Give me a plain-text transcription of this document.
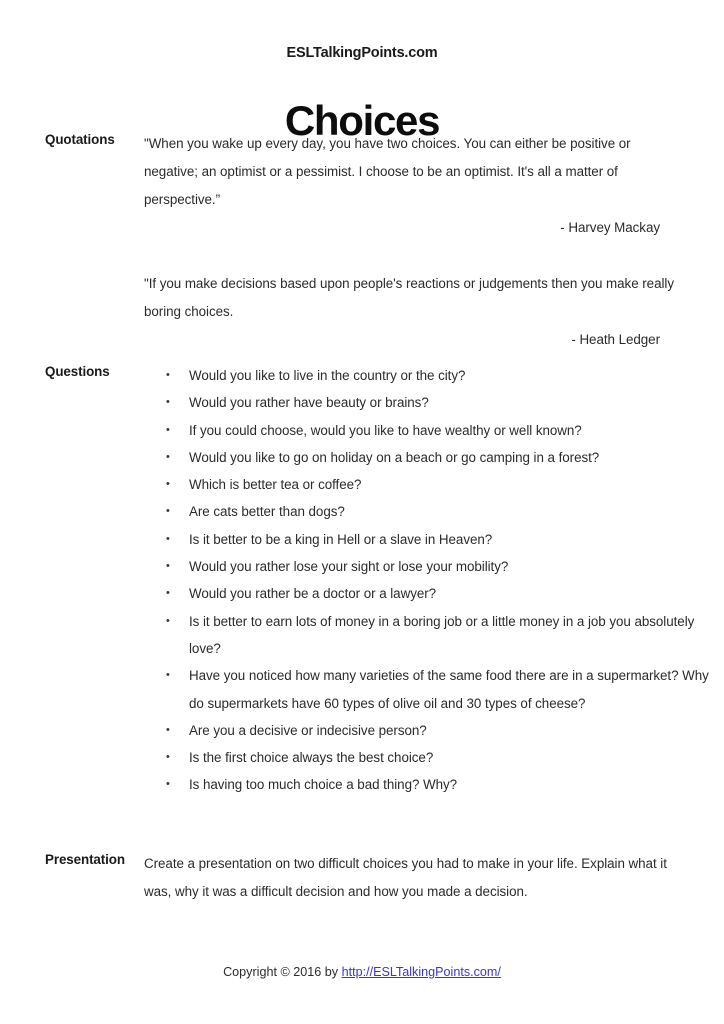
ESLTalkingPoints.com
Choices
Quotations	"When you wake up every day, you have two choices. You can either be positive or negative; an optimist or a pessimist. I choose to be an optimist. It's all a matter of perspective.”
- Harvey Mackay
"If you make decisions based upon people's reactions or judgements then you make really boring choices.
- Heath Ledger
Questions	• Would you like to live in the country or the city?
• Would you rather have beauty or brains?
• If you could choose, would you like to have wealthy or well known?
• Would you like to go on holiday on a beach or go camping in a forest?
• Which is better tea or coffee?
• Are cats better than dogs?
• Is it better to be a king in Hell or a slave in Heaven?
• Would you rather lose your sight or lose your mobility?
• Would you rather be a doctor or a lawyer?
• Is it better to earn lots of money in a boring job or a little money in a job you absolutely love?
• Have you noticed how many varieties of the same food there are in a supermarket? Why do supermarkets have 60 types of olive oil and 30 types of cheese?
• Are you a decisive or indecisive person?
• Is the first choice always the best choice?
• Is having too much choice a bad thing? Why?
Presentation	Create a presentation on two difficult choices you had to make in your life. Explain what it was, why it was a difficult decision and how you made a decision.
Copyright © 2016 by http://ESLTalkingPoints.com/
